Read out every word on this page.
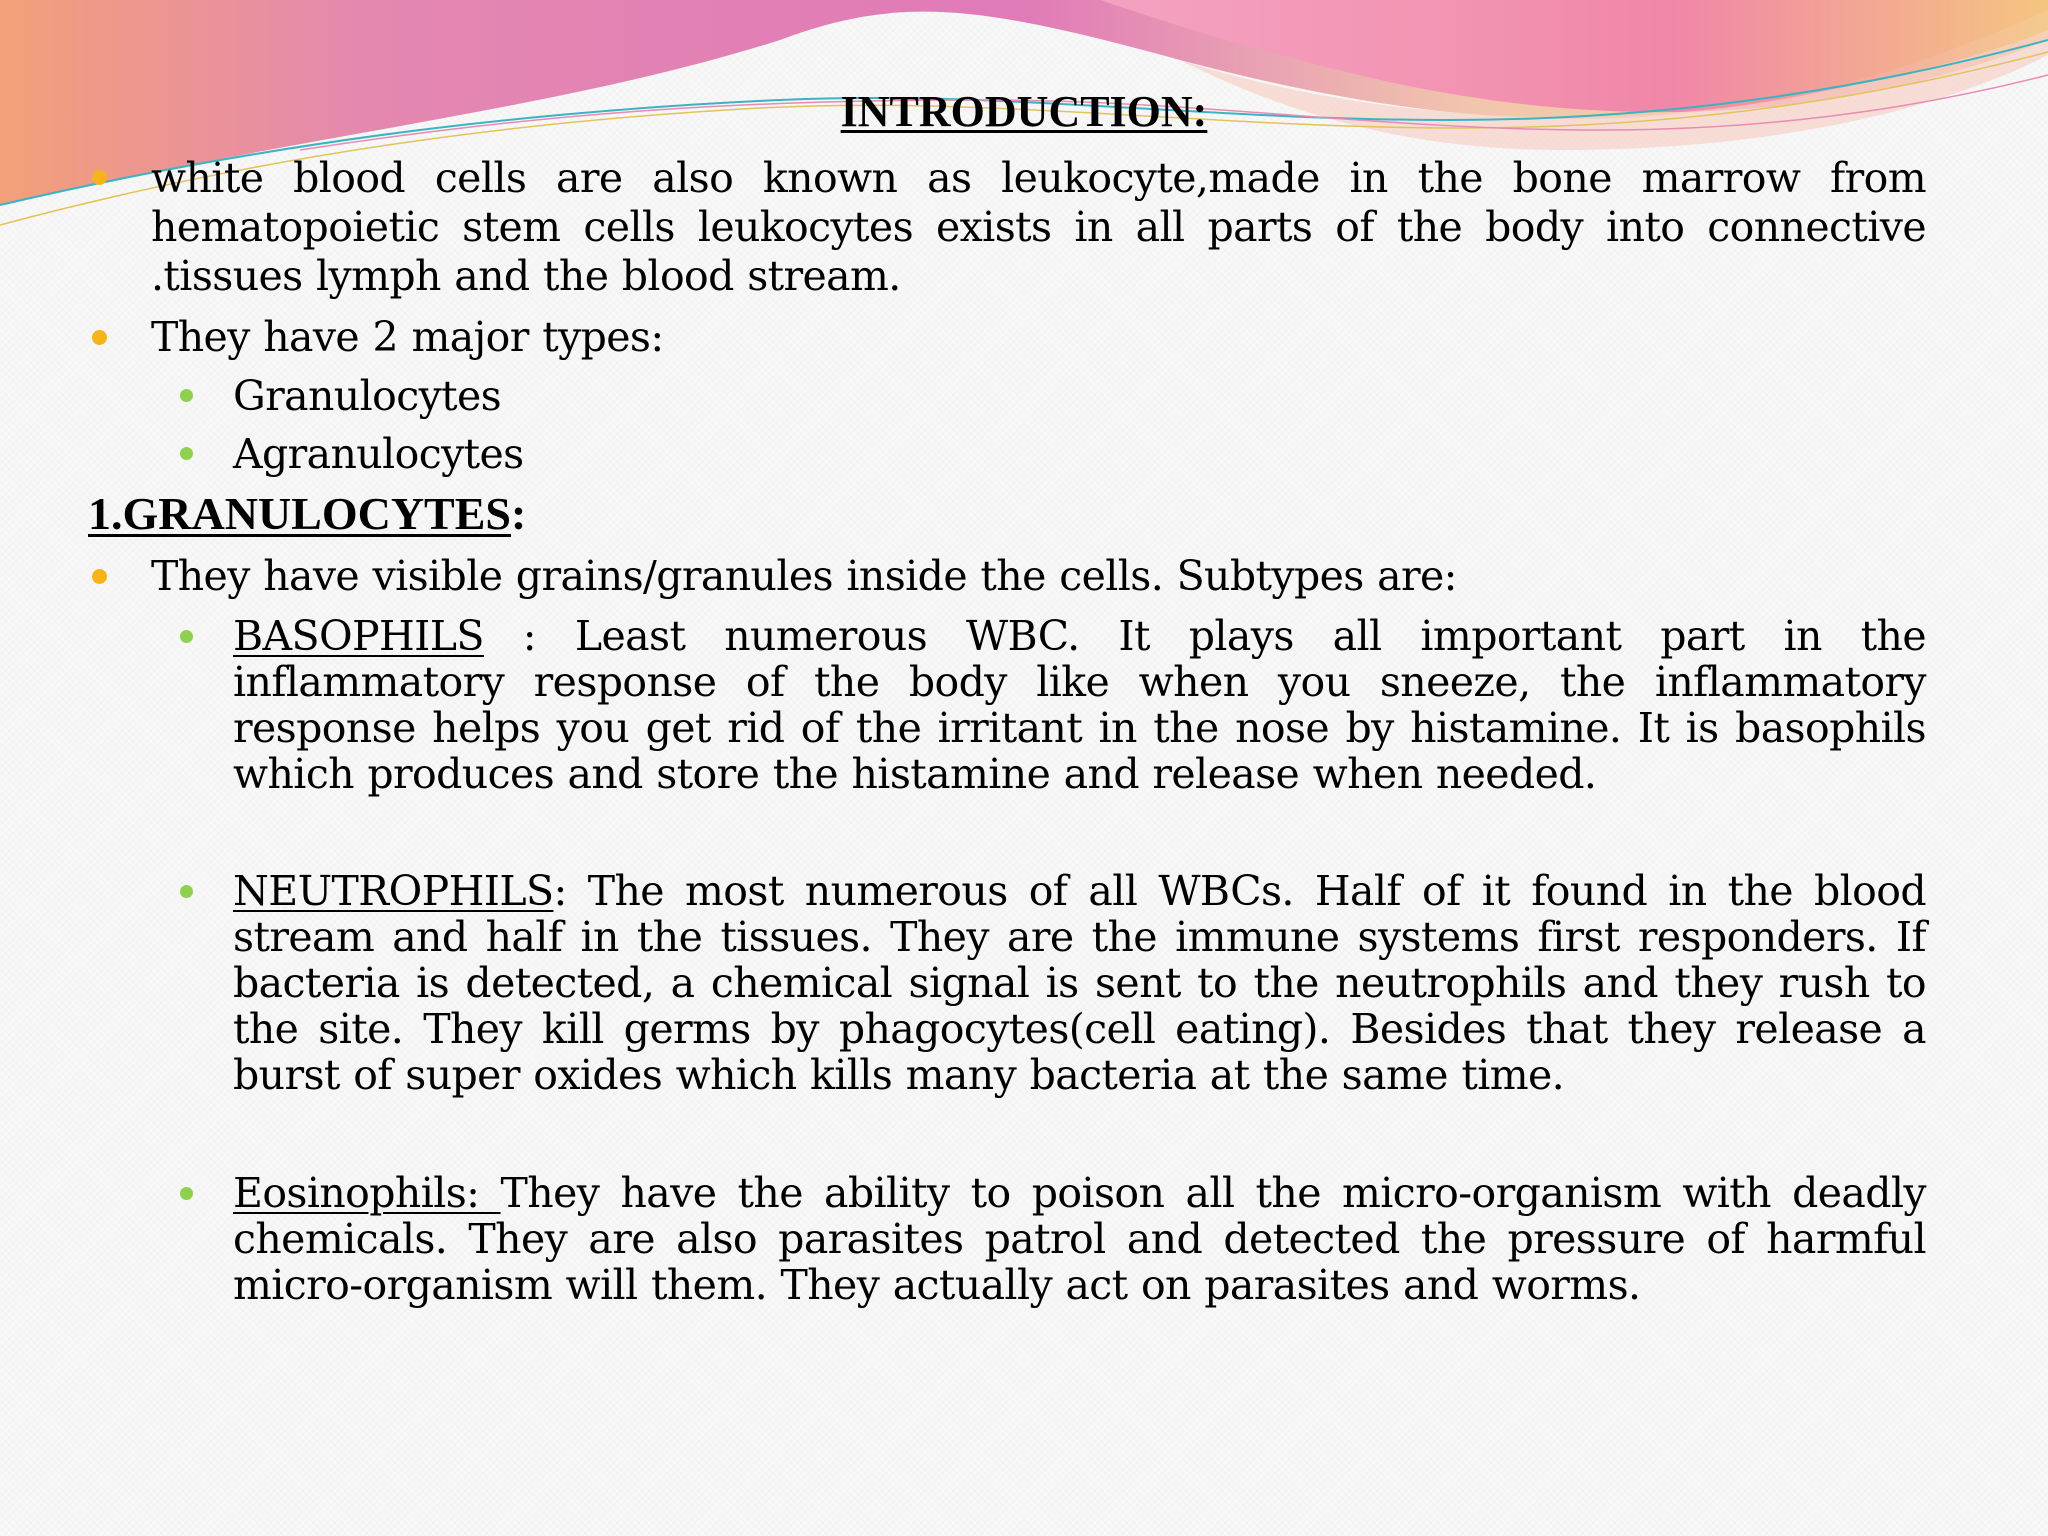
INTRODUCTION:
white blood cells are also known as leukocyte,made in the bone marrow from hematopoietic stem cells leukocytes exists in all parts of the body into connective .tissues lymph and the blood stream.
They have 2 major types:
Granulocytes
Agranulocytes
1.GRANULOCYTES:
They have visible grains/granules inside the cells. Subtypes are:
BASOPHILS : Least numerous WBC. It plays all important part in the inflammatory response of the body like when you sneeze, the inflammatory response helps you get rid of the irritant in the nose by histamine. It is basophils which produces and store the histamine and release when needed.
NEUTROPHILS: The most numerous of all WBCs. Half of it found in the blood stream and half in the tissues. They are the immune systems first responders. If bacteria is detected, a chemical signal is sent to the neutrophils and they rush to the site. They kill germs by phagocytes(cell eating). Besides that they release a burst of super oxides which kills many bacteria at the same time.
Eosinophils: They have the ability to poison all the micro-organism with deadly chemicals. They are also parasites patrol and detected the pressure of harmful micro-organism will them. They actually act on parasites and worms.
